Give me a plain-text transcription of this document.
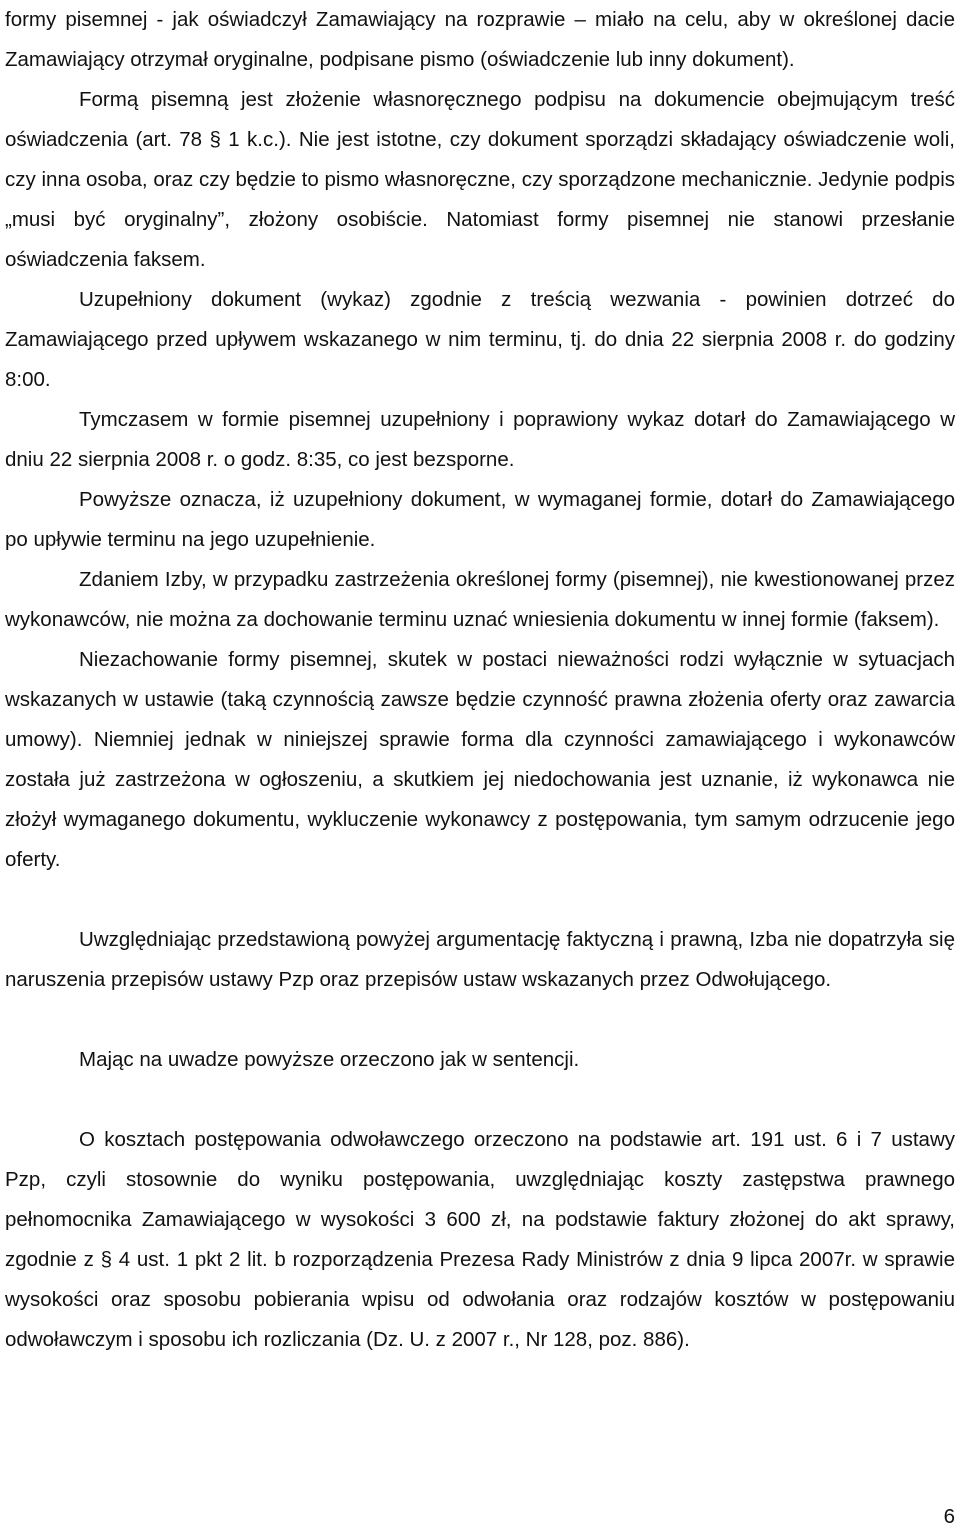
formy pisemnej - jak oświadczył Zamawiający na rozprawie – miało na celu, aby w określonej dacie Zamawiający otrzymał oryginalne, podpisane pismo (oświadczenie lub inny dokument).

Formą pisemną jest złożenie własnoręcznego podpisu na dokumencie obejmującym treść oświadczenia (art. 78 § 1 k.c.). Nie jest istotne, czy dokument sporządzi składający oświadczenie woli, czy inna osoba, oraz czy będzie to pismo własnoręczne, czy sporządzone mechanicznie. Jedynie podpis „musi być oryginalny”, złożony osobiście. Natomiast formy pisemnej nie stanowi przesłanie oświadczenia faksem.

Uzupełniony dokument (wykaz) zgodnie z treścią wezwania - powinien dotrzeć do Zamawiającego przed upływem wskazanego w nim terminu, tj. do dnia 22 sierpnia 2008 r. do godziny 8:00.

Tymczasem w formie pisemnej uzupełniony i poprawiony wykaz dotarł do Zamawiającego w dniu 22 sierpnia 2008 r. o godz. 8:35, co jest bezsporne.

Powyższe oznacza, iż uzupełniony dokument, w wymaganej formie, dotarł do Zamawiającego po upływie terminu na jego uzupełnienie.

Zdaniem Izby, w przypadku zastrzeżenia określonej formy (pisemnej), nie kwestionowanej przez wykonawców, nie można za dochowanie terminu uznać wniesienia dokumentu w innej formie (faksem).

Niezachowanie formy pisemnej, skutek w postaci nieważności rodzi wyłącznie w sytuacjach wskazanych w ustawie (taką czynnością zawsze będzie czynność prawna złożenia oferty oraz zawarcia umowy). Niemniej jednak w niniejszej sprawie forma dla czynności zamawiającego i wykonawców została już zastrzeżona w ogłoszeniu, a skutkiem jej niedochowania jest uznanie, iż wykonawca nie złożył wymaganego dokumentu, wykluczenie wykonawcy z postępowania, tym samym odrzucenie jego oferty.

Uwzględniając przedstawioną powyżej argumentację faktyczną i prawną, Izba nie dopatrzyła się naruszenia przepisów ustawy Pzp oraz przepisów ustaw wskazanych przez Odwołującego.

Mając na uwadze powyższe orzeczono jak w sentencji.

O kosztach postępowania odwoławczego orzeczono na podstawie art. 191 ust. 6 i 7 ustawy Pzp, czyli stosownie do wyniku postępowania, uwzględniając koszty zastępstwa prawnego pełnomocnika Zamawiającego w wysokości 3 600 zł, na podstawie faktury złożonej do akt sprawy, zgodnie z § 4 ust. 1 pkt 2 lit. b rozporządzenia Prezesa Rady Ministrów z dnia 9 lipca 2007r. w sprawie wysokości oraz sposobu pobierania wpisu od odwołania oraz rodzajów kosztów w postępowaniu odwoławczym i sposobu ich rozliczania (Dz. U. z 2007 r., Nr 128, poz. 886).

6
